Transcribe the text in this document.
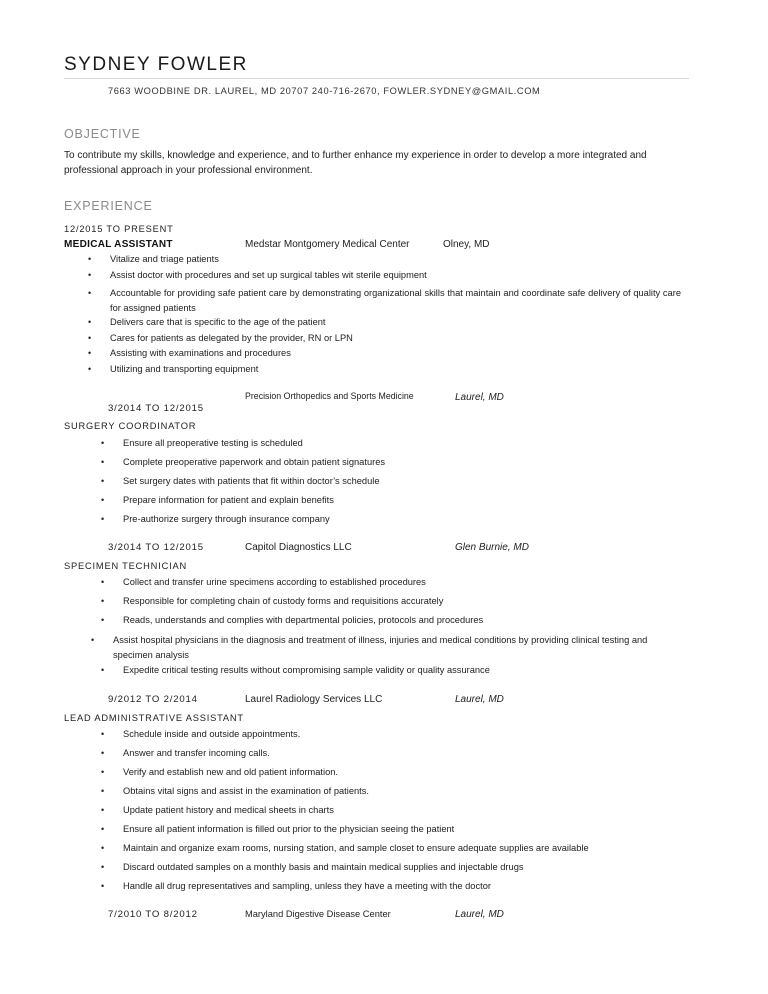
SYDNEY FOWLER
7663 WOODBINE DR. LAUREL, MD 20707 240-716-2670, FOWLER.SYDNEY@GMAIL.COM
OBJECTIVE
To contribute my skills, knowledge and experience, and to further enhance my experience in order to develop a more integrated and professional approach in your professional environment.
EXPERIENCE
12/2015 TO PRESENT
MEDICAL ASSISTANT	Medstar Montgomery Medical Center	Olney, MD
• Vitalize and triage patients
• Assist doctor with procedures and set up surgical tables wit sterile equipment
• Accountable for providing safe patient care by demonstrating organizational skills that maintain and coordinate safe delivery of quality care for assigned patients
• Delivers care that is specific to the age of the patient
• Cares for patients as delegated by the provider, RN or LPN
• Assisting with examinations and procedures
• Utilizing and transporting equipment
Precision Orthopedics and Sports Medicine	Laurel, MD
3/2014 TO 12/2015
SURGERY COORDINATOR
• Ensure all preoperative testing is scheduled
• Complete preoperative paperwork and obtain patient signatures
• Set surgery dates with patients that fit within doctor’s schedule
• Prepare information for patient and explain benefits
• Pre-authorize surgery through insurance company
3/2014 TO 12/2015	Capitol Diagnostics LLC	Glen Burnie, MD
SPECIMEN TECHNICIAN
• Collect and transfer urine specimens according to established procedures
• Responsible for completing chain of custody forms and requisitions accurately
• Reads, understands and complies with departmental policies, protocols and procedures
• Assist hospital physicians in the diagnosis and treatment of illness, injuries and medical conditions by providing clinical testing and specimen analysis
• Expedite critical testing results without compromising sample validity or quality assurance
9/2012 TO 2/2014	Laurel Radiology Services LLC	Laurel, MD
LEAD ADMINISTRATIVE ASSISTANT
• Schedule inside and outside appointments.
• Answer and transfer incoming calls.
• Verify and establish new and old patient information.
• Obtains vital signs and assist in the examination of patients.
• Update patient history and medical sheets in charts
• Ensure all patient information is filled out prior to the physician seeing the patient
• Maintain and organize exam rooms, nursing station, and sample closet to ensure adequate supplies are available
• Discard outdated samples on a monthly basis and maintain medical supplies and injectable drugs
• Handle all drug representatives and sampling, unless they have a meeting with the doctor
7/2010 TO 8/2012	Maryland Digestive Disease Center	Laurel, MD
